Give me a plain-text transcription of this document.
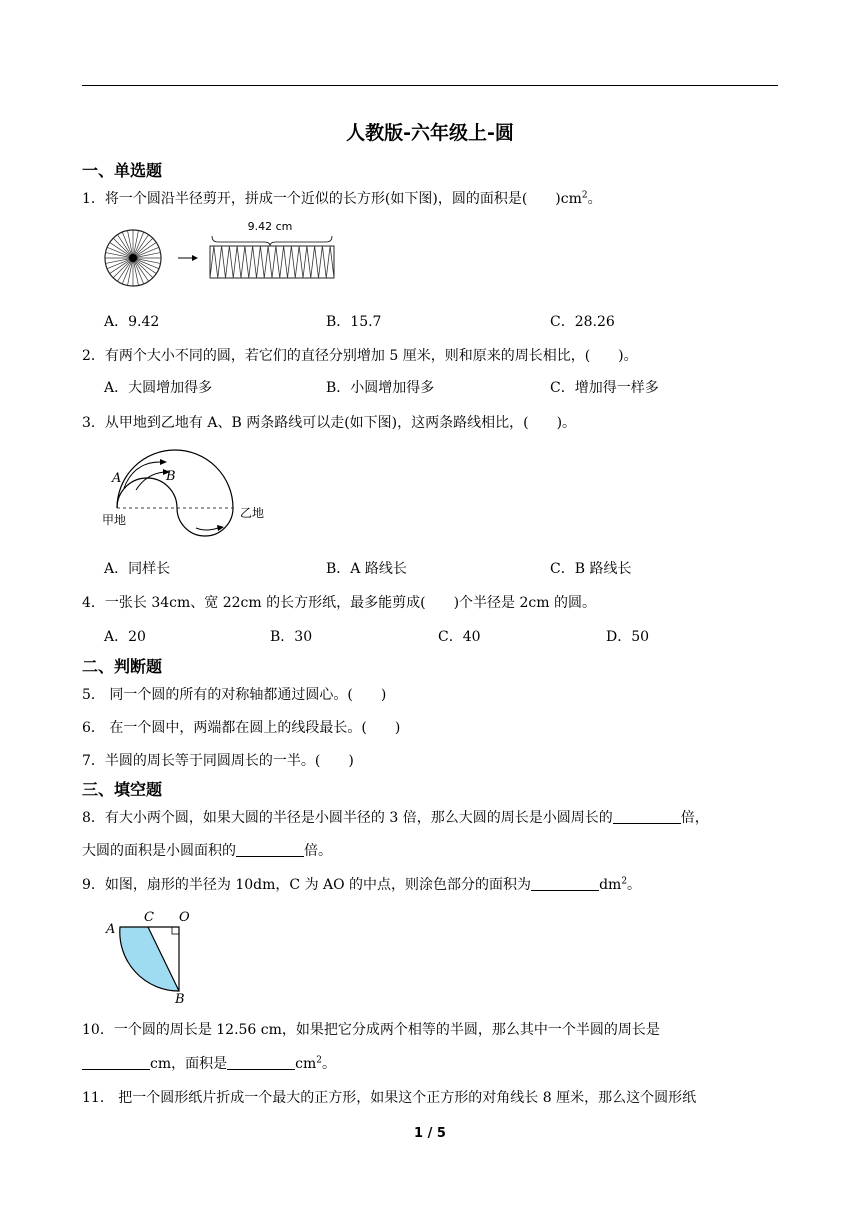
人教版-六年级上-圆
一、单选题
1．将一个圆沿半径剪开，拼成一个近似的长方形(如下图)，圆的面积是(　　)$cm^2$。
9.42 cm
A．9.42	B．15.7	C．28.26
2．有两个大小不同的圆，若它们的直径分别增加 5 厘米，则和原来的周长相比，(　　)。
A．大圆增加得多	B．小圆增加得多	C．增加得一样多
3．从甲地到乙地有 A、B 两条路线可以走(如下图)，这两条路线相比，(　　)。
A	B
甲地	乙地
A．同样长	B．A 路线长	C．B 路线长
4．一张长 34cm、宽 22cm 的长方形纸，最多能剪成(　　)个半径是 2cm 的圆。
A．20	B．30	C．40	D．50
二、判断题
5． 同一个圆的所有的对称轴都通过圆心。(　　)
6． 在一个圆中，两端都在圆上的线段最长。(　　)
7．半圆的周长等于同圆周长的一半。(　　)
三、填空题
8．有大小两个圆，如果大圆的半径是小圆半径的 3 倍，那么大圆的周长是小圆周长的	倍，
大圆的面积是小圆面积的	倍。
9．如图，扇形的半径为 10dm，C 为 AO 的中点，则涂色部分的面积为	$dm^2$。
A
C O
B
10．一个圆的周长是 12.56 cm，如果把它分成两个相等的半圆，那么其中一个半圆的周长是
cm，面积是	$cm^2$。
11． 把一个圆形纸片折成一个最大的正方形，如果这个正方形的对角线长 8 厘米，那么这个圆形纸
1 / 5
